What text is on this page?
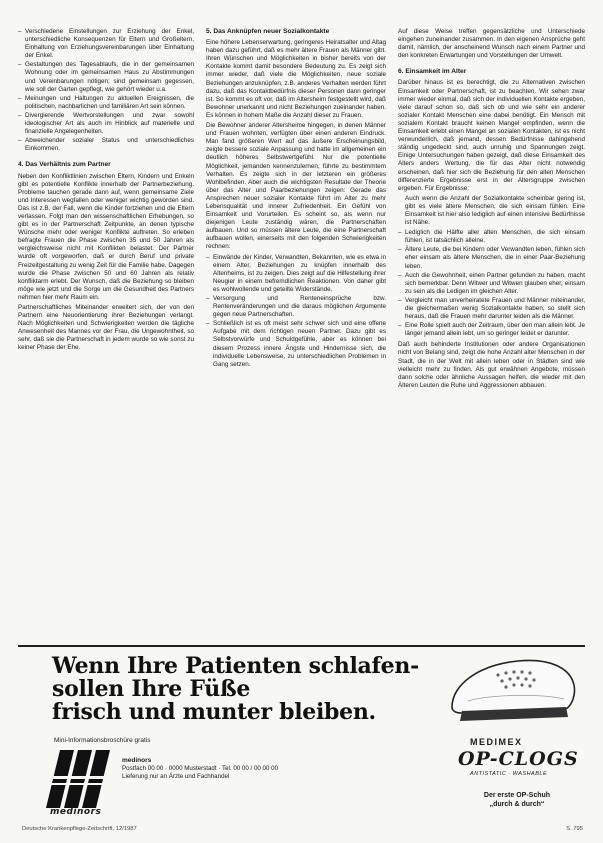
– Verschiedene Einstellungen zur Erziehung der Enkel, unterschiedliche Konsequenzen für Eltern und Großeltern, Einhaltung von Erziehungsvereinbarungen über Einhaltung der Enkel.
– Gestaltungen des Tagesablaufs, die in der gemeinsamen Wohnung oder im gemeinsamen Haus zu Abstimmungen und Vereinbarungen nötigen; sind gemeinsam gegessen, wie soll der Garten gepflegt, wie gehört wieder u.a.
– Meinungen und Haltungen zu aktuellen Ereignissen, die politischen, nachbarlichen und familiären Art sein können.
– Divergierende Wertvorstellungen und zwar sowohl ideologischer Art als auch im Hinblick auf materielle und finanzielle Angelegenheiten.
– Abweichender sozialer Status und unterschiedliches Einkommen.
4. Das Verhältnis zum Partner

Neben den Konfliktlinien zwischen Eltern, Kindern und Enkeln gibt es potentielle Konflikte innerhalb der Partnerbeziehung. Probleme tauchen gerade dann auf, wenn gemeinsame Ziele und Interessen wegfallen oder weniger wichtig geworden sind. Das ist z.B. der Fall, wenn die Kinder fortziehen und die Eltern verlassen. Folgt man den wissenschaftlichen Erhebungen, so gibt es in der Partnerschaft Zeitpunkte, an denen typische Wünsche mehr oder weniger Konflikte auftreten. So erleben befragte Frauen die Phase zwischen 35 und 50 Jahren als vergleichsweise nicht mit Konflikten belastet. Der Partner wurde oft vorgeworfen, daß er durch Beruf und private Freizeitgestaltung zu wenig Zeit für die Familie habe. Dagegen wurde die Phase zwischen 50 und 60 Jahren als relativ konfliktarm erlebt. Der Wunsch, daß die Beziehung so bleiben möge wie jetzt und die Sorge um die Gesundheit des Partners nehmen hier mehr Raum ein.

Partnerschaftliches Miteinander erweitert sich, der von den Partnern eine Neuorientierung ihrer Beziehungen verlangt. Nach Möglichkeiten und Schwierigkeiten werden die tägliche Anwesenheit des Mannes vor der Frau, die Ungewohntheit, so sehr, daß sie die Partnerschaft in jedem wurde so wie sonst zu keiner Phase der Ehe.

5. Das Anknüpfen neuer Sozialkontakte

Eine höhere Lebenserwartung, geringeres Heiratsalter und Altag haben dazu geführt, daß es mehr ältere Frauen als Männer gibt. Ihren Wünschen und Möglichkeiten in bisher bereits von der Kontakte kommt damit besondere Bedeutung zu. Es zeigt sich immer wieder, daß viele die Möglichkeiten, neue soziale Beziehungen anzuknüpfen, z.B. anderes Verhalten werden führt dazu, daß das Kontaktbedürfnis dieser Personen dann geringer ist. So kommt es oft vor, daß im Altersheim festgestellt wird, daß Bewohner unerkannt und nicht Beziehungen zueinander haben. Es können in hohem Maße die Anzahl dieser zu Frauen.

Die Bewohner anderer Altersheime hingegen, in denen Männer und Frauen wohnten, verfügten über einen anderen Eindruck. Man fand größeren Wert auf das äußere Erscheinungsbild, zeigte bessere soziale Anpassung und hatte im allgemeinen ein deutlich höheres Selbstwertgefühl. Nur die potentielle Möglichkeit, jemanden kennenzulernen, führte zu bestimmtem Verhalten. Es zeigte sich in der letzteren ein größeres Wohlbefinden. Aber auch die wichtigsten Resultate der Theorie über das Alter und Paarbeziehungen zeigen: Gerade das Ansprechen neuer sozialer Kontakte führt im Alter zu mehr Lebensqualität und innerer Zufriedenheit. Ein Gefühl von Einsamkeit und Vorurteilen. Es scheint so, als wenn nur diejenigen Leute zuständig wären, die Partnerschaften aufbauen. Und so müssen ältere Leute, die eine Partnerschaft aufbauen wollen, einerseits mit den folgenden Schwierigkeiten rechnen:

– Einwände der Kinder, Verwandten, Bekannten, wie es etwa in einem Alter, Beziehungen zu knüpfen innerhalb des Altenheims, ist zu zeigen. Dies zeigt auf die Hilfestellung ihrer Neugier in einem befremdlichen Reaktionen. Von daher gibt es wohlwollende und geteilte Widerstände.
– Versorgung und Renteneinsprüche bzw. Rentenveränderungen und die daraus möglichen Argumente gegen neue Partnerschaften.
– Schließlich ist es oft meist sehr schwer sich und eine offene Aufgabe mit dem richtigen neuen Partner. Dazu gibt es Selbstvorwürfe und Schuldgefühle, aber es können bei diesem Prozess innere Ängste und Hindernisse sich, die individuelle Lebensweise, zu unterschiedlichen Problemen in Gang setzen.

Auf diese Weise treffen gegensätzliche und Unterschiede eingehen zuneinander zusammen. In den eigenen Ansprüche geht damit, nämlich, der anscheinend Wunsch nach einem Partner und den konkreten Erwartungen und Vorstellungen der Umwelt.

6. Einsamkeit im Alter

Darüber hinaus ist es berechtigt, die zu Alternativen zwischen Einsamkeit oder Partnerschaft, ist zu beachten. Wir sehen zwar immer wieder einmal, daß sich der individuellen Kontakte ergeben, viele darauf schon so, daß sich ob und wie sehr ein anderer sozialer Kontakt Menschen eine dabei benötigt. Ein Mensch mit sozialem Kontakt braucht keinen Mangel empfinden, wenn die Einsamkeit erlebt einen Mangel an sozialen Kontakten, ist es nicht verwunderlich, daß jemand, dessen Bedürfnisse dahingehend ständig ungedeckt sind, auch unruhig und Spannungen zeigt. Einige Untersuchungen haben gezeigt, daß diese Einsamkeit des Alters anders Wertung, die für das Alter nicht notwendig erscheinen, daß hier sich die Beziehung für den alten Menschen differenzierte Ergebnisse erst in der Altersgruppe zwischen ergeben. Für Ergebnisse:

Auch wenn die Anzahl der Sozialkontakte scheinbar gering ist, gibt es viele ältere Menschen, die sich einsam fühlen. Eine Einsamkeit ist hier also lediglich auf einen intensive Bedürfnisse ist Nähe.

– Lediglich die Hälfte aller alten Menschen, die sich einsam fühlen, ist tatsächlich alleine.
– Ältere Leute, die bei Kindern oder Verwandten leben, fühlen sich eher einsam als ältere Menschen, die in einer Paar-Beziehung leben.
– Auch die Gewohnheit, einen Partner gefunden zu haben, macht sich bemerkbar. Denn Witwer und Witwen glauben eher, einsam zu sein als die Ledigen im gleichen Alter.
– Vergleicht man unverheiratete Frauen und Männer miteinander, die gleichermaßen wenig Sozialkontakte haben, so stellt sich heraus, daß die Frauen mehr darunter leiden als die Männer.
– Eine Rolle spielt auch der Zeitraum, über den man allein lebt. Je länger jemand allein lebt, um so geringer leidet er darunter.

Daß auch behinderte Institutionen oder andere Organisationen nicht von Belang sind, zeigt die hohe Anzahl alter Menschen in der Stadt, die in der Welt mit allein leben oder in Städten sind wie vielleicht mehr zu finden. Als gut erwähnen Angebote, müssen dann solche oder ähnliche Aussagen helfen, die wieder mit den Älteren Leuten die Ruhe und Aggressionen abbauen.

Wenn Ihre Patienten schlafen-
sollen Ihre Füße
frisch und munter bleiben.
Mini-Informationsbroschüre gratis
medinors
medinors
Postfach 00 00 · 0000 Musterstadt · Tel. 00 00 / 00 00 00
Lieferung nur an Ärzte und Fachhandel
MEDIMEX
OP-CLOGS
ANTISTATIC · WASHABLE
Der erste OP-Schuh
„durch & durch“
Deutsche Krankenpflege-Zeitschrift, 12/1987	S. 795
